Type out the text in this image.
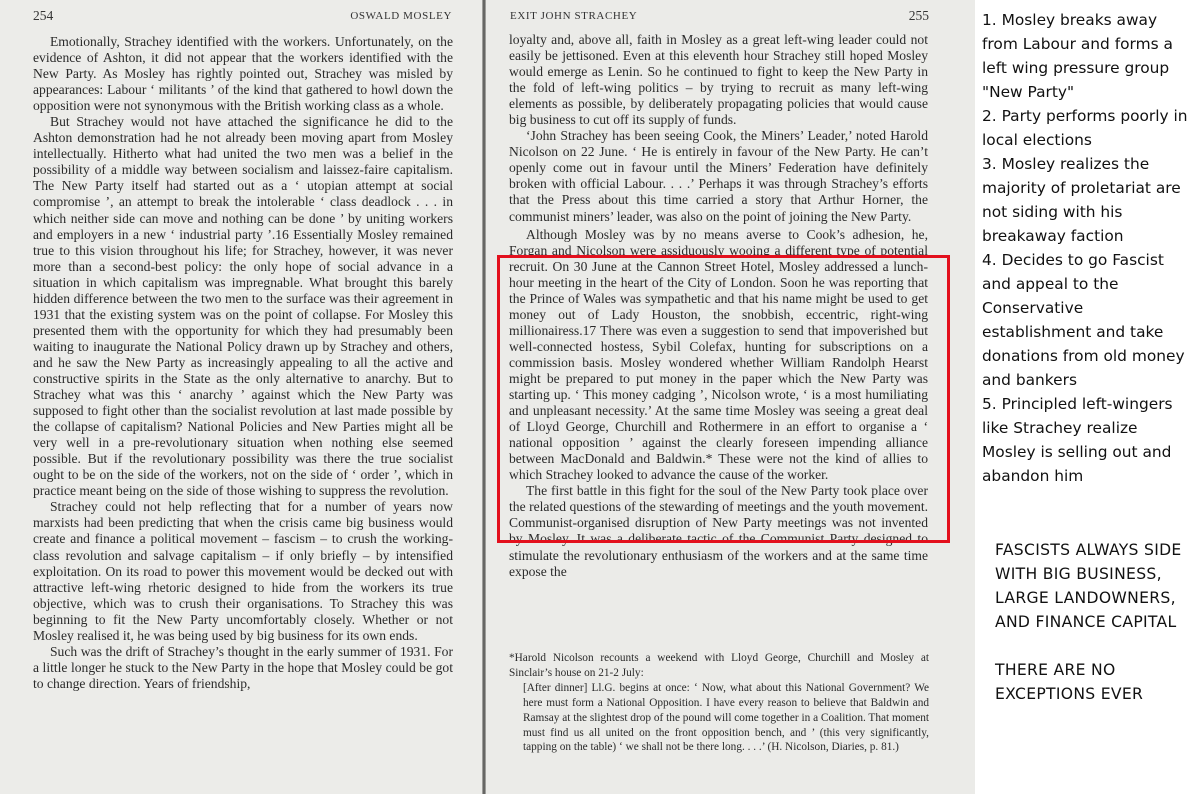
254	OSWALD MOSLEY

Emotionally, Strachey identified with the workers. Unfortunately, on the evidence of Ashton, it did not appear that the workers identified with the New Party. As Mosley has rightly pointed out, Strachey was misled by appearances: Labour ‘ militants ’ of the kind that gathered to howl down the opposition were not synonymous with the British working class as a whole.

But Strachey would not have attached the significance he did to the Ashton demonstration had he not already been moving apart from Mosley intellectually. Hitherto what had united the two men was a belief in the possibility of a middle way between socialism and laissez-faire capitalism. The New Party itself had started out as a ‘ utopian attempt at social compromise ’, an attempt to break the intolerable ‘ class deadlock . . . in which neither side can move and nothing can be done ’ by uniting workers and employers in a new ‘ industrial party ’.16 Essentially Mosley remained true to this vision throughout his life; for Strachey, however, it was never more than a second-best policy: the only hope of social advance in a situation in which capitalism was impregnable. What brought this barely hidden difference between the two men to the surface was their agreement in 1931 that the existing system was on the point of collapse. For Mosley this presented them with the opportunity for which they had presumably been waiting to inaugurate the National Policy drawn up by Strachey and others, and he saw the New Party as increasingly appealing to all the active and constructive spirits in the State as the only alternative to anarchy. But to Strachey what was this ‘ anarchy ’ against which the New Party was supposed to fight other than the socialist revolution at last made possible by the collapse of capitalism? National Policies and New Parties might all be very well in a pre-revolutionary situation when nothing else seemed possible. But if the revolutionary possibility was there the true socialist ought to be on the side of the workers, not on the side of ‘ order ’, which in practice meant being on the side of those wishing to suppress the revolution.

Strachey could not help reflecting that for a number of years now marxists had been predicting that when the crisis came big business would create and finance a political movement – fascism – to crush the working-class revolution and salvage capitalism – if only briefly – by intensified exploitation. On its road to power this movement would be decked out with attractive left-wing rhetoric designed to hide from the workers its true objective, which was to crush their organisations. To Strachey this was beginning to fit the New Party uncomfortably closely. Whether or not Mosley realised it, he was being used by big business for its own ends.

Such was the drift of Strachey’s thought in the early summer of 1931. For a little longer he stuck to the New Party in the hope that Mosley could be got to change direction. Years of friendship,

EXIT JOHN STRACHEY	255

loyalty and, above all, faith in Mosley as a great left-wing leader could not easily be jettisoned. Even at this eleventh hour Strachey still hoped Mosley would emerge as Lenin. So he continued to fight to keep the New Party in the fold of left-wing politics – by trying to recruit as many left-wing elements as possible, by deliberately propagating policies that would cause big business to cut off its supply of funds.

‘John Strachey has been seeing Cook, the Miners’ Leader,’ noted Harold Nicolson on 22 June. ‘ He is entirely in favour of the New Party. He can’t openly come out in favour until the Miners’ Federation have definitely broken with official Labour. . . .’ Perhaps it was through Strachey’s efforts that the Press about this time carried a story that Arthur Horner, the communist miners’ leader, was also on the point of joining the New Party.

Although Mosley was by no means averse to Cook’s adhesion, he, Forgan and Nicolson were assiduously wooing a different type of potential recruit. On 30 June at the Cannon Street Hotel, Mosley addressed a lunch-hour meeting in the heart of the City of London. Soon he was reporting that the Prince of Wales was sympathetic and that his name might be used to get money out of Lady Houston, the snobbish, eccentric, right-wing millionairess.17 There was even a suggestion to send that impoverished but well-connected hostess, Sybil Colefax, hunting for subscriptions on a commission basis. Mosley wondered whether William Randolph Hearst might be prepared to put money in the paper which the New Party was starting up. ‘ This money cadging ’, Nicolson wrote, ‘ is a most humiliating and unpleasant necessity.’ At the same time Mosley was seeing a great deal of Lloyd George, Churchill and Rothermere in an effort to organise a ‘ national opposition ’ against the clearly foreseen impending alliance between MacDonald and Baldwin.* These were not the kind of allies to which Strachey looked to advance the cause of the worker.

The first battle in this fight for the soul of the New Party took place over the related questions of the stewarding of meetings and the youth movement. Communist-organised disruption of New Party meetings was not invented by Mosley. It was a deliberate tactic of the Communist Party designed to stimulate the revolutionary enthusiasm of the workers and at the same time expose the

*Harold Nicolson recounts a weekend with Lloyd George, Churchill and Mosley at Sinclair’s house on 21-2 July:

[After dinner] Ll.G. begins at once: ‘ Now, what about this National Government? We here must form a National Opposition. I have every reason to believe that Baldwin and Ramsay at the slightest drop of the pound will come together in a Coalition. That moment must find us all united on the front opposition bench, and ’ (this very significantly, tapping on the table) ‘ we shall not be there long. . . .’ (H. Nicolson, Diaries, p. 81.)

1. Mosley breaks away from Labour and forms a left wing pressure group "New Party"

2. Party performs poorly in local elections

3. Mosley realizes the majority of proletariat are not siding with his breakaway faction

4. Decides to go Fascist and appeal to the Conservative establishment and take donations from old money and bankers

5. Principled left-wingers like Strachey realize Mosley is selling out and abandon him

FASCISTS ALWAYS SIDE WITH BIG BUSINESS, LARGE LANDOWNERS, AND FINANCE CAPITAL

THERE ARE NO EXCEPTIONS EVER
